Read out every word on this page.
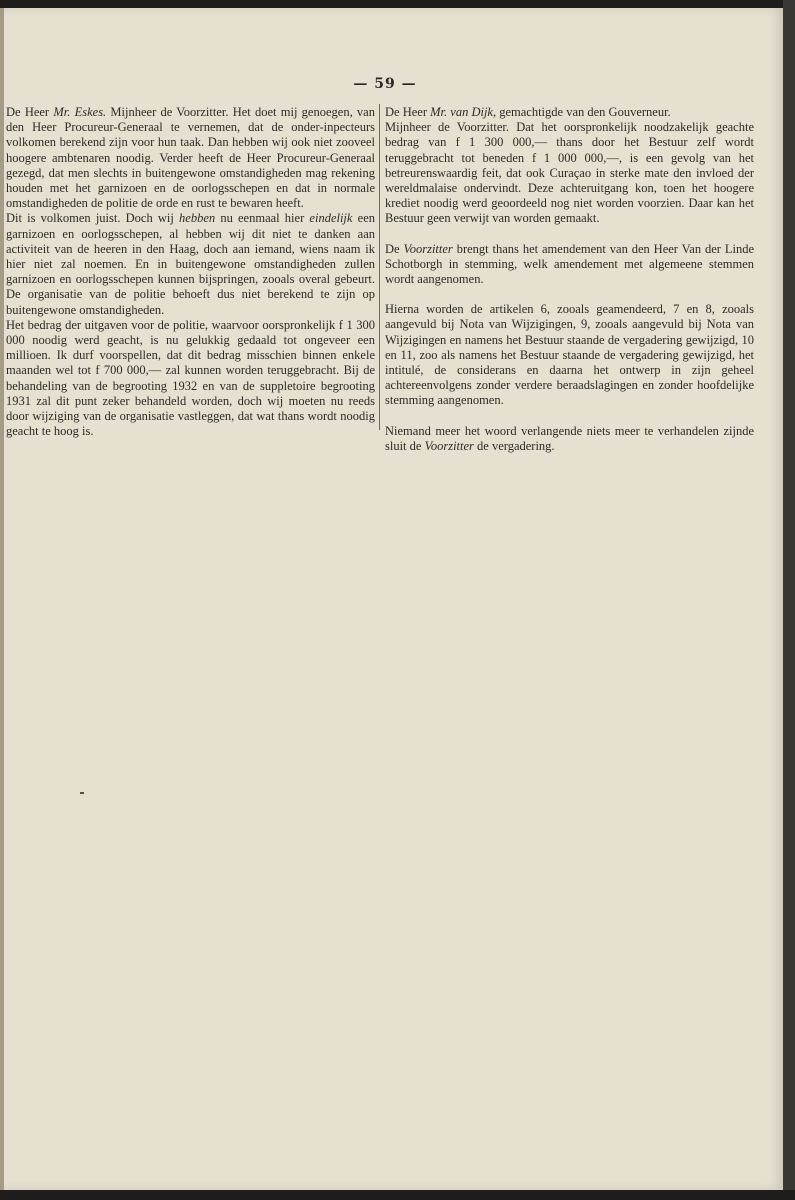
— 59 —

De Heer Mr. Eskes. Mijnheer de Voorzitter. Het doet mij genoegen, van den Heer Procureur-Generaal te vernemen, dat de onder-inpecteurs volkomen berekend zijn voor hun taak. Dan hebben wij ook niet zooveel hoogere ambtenaren noodig. Verder heeft de Heer Procureur-Generaal gezegd, dat men slechts in buitengewone omstandigheden mag rekening houden met het garnizoen en de oorlogsschepen en dat in normale omstandigheden de politie de orde en rust te bewaren heeft.

Dit is volkomen juist. Doch wij hebben nu eenmaal hier eindelijk een garnizoen en oorlogsschepen, al hebben wij dit niet te danken aan activiteit van de heeren in den Haag, doch aan iemand, wiens naam ik hier niet zal noemen. En in buitengewone omstandigheden zullen garnizoen en oorlogsschepen kunnen bijspringen, zooals overal gebeurt. De organisatie van de politie behoeft dus niet berekend te zijn op buitengewone omstandigheden.

Het bedrag der uitgaven voor de politie, waarvoor oorspronkelijk f 1 300 000 noodig werd geacht, is nu gelukkig gedaald tot ongeveer een millioen. Ik durf voorspellen, dat dit bedrag misschien binnen enkele maanden wel tot f 700 000,— zal kunnen worden teruggebracht. Bij de behandeling van de begrooting 1932 en van de suppletoire begrooting 1931 zal dit punt zeker behandeld worden, doch wij moeten nu reeds door wijziging van de organisatie vastleggen, dat wat thans wordt noodig geacht te hoog is.

De Heer Mr. van Dijk, gemachtigde van den Gouverneur.

Mijnheer de Voorzitter. Dat het oorspronkelijk noodzakelijk geachte bedrag van f 1 300 000,— thans door het Bestuur zelf wordt teruggebracht tot beneden f 1 000 000,—, is een gevolg van het betreurenswaardig feit, dat ook Curaçao in sterke mate den invloed der wereldmalaise ondervindt. Deze achteruitgang kon, toen het hoogere krediet noodig werd geoordeeld nog niet worden voorzien. Daar kan het Bestuur geen verwijt van worden gemaakt.

De Voorzitter brengt thans het amendement van den Heer Van der Linde Schotborgh in stemming, welk amendement met algemeene stemmen wordt aangenomen.

Hierna worden de artikelen 6, zooals geamendeerd, 7 en 8, zooals aangevuld bij Nota van Wijzigingen, 9, zooals aangevuld bij Nota van Wijzigingen en namens het Bestuur staande de vergadering gewijzigd, 10 en 11, zoo als namens het Bestuur staande de vergadering gewijzigd, het intitulé, de considerans en daarna het ontwerp in zijn geheel achtereenvolgens zonder verdere beraadslagingen en zonder hoofdelijke stemming aangenomen.

Niemand meer het woord verlangende niets meer te verhandelen zijnde sluit de Voorzitter de vergadering.
